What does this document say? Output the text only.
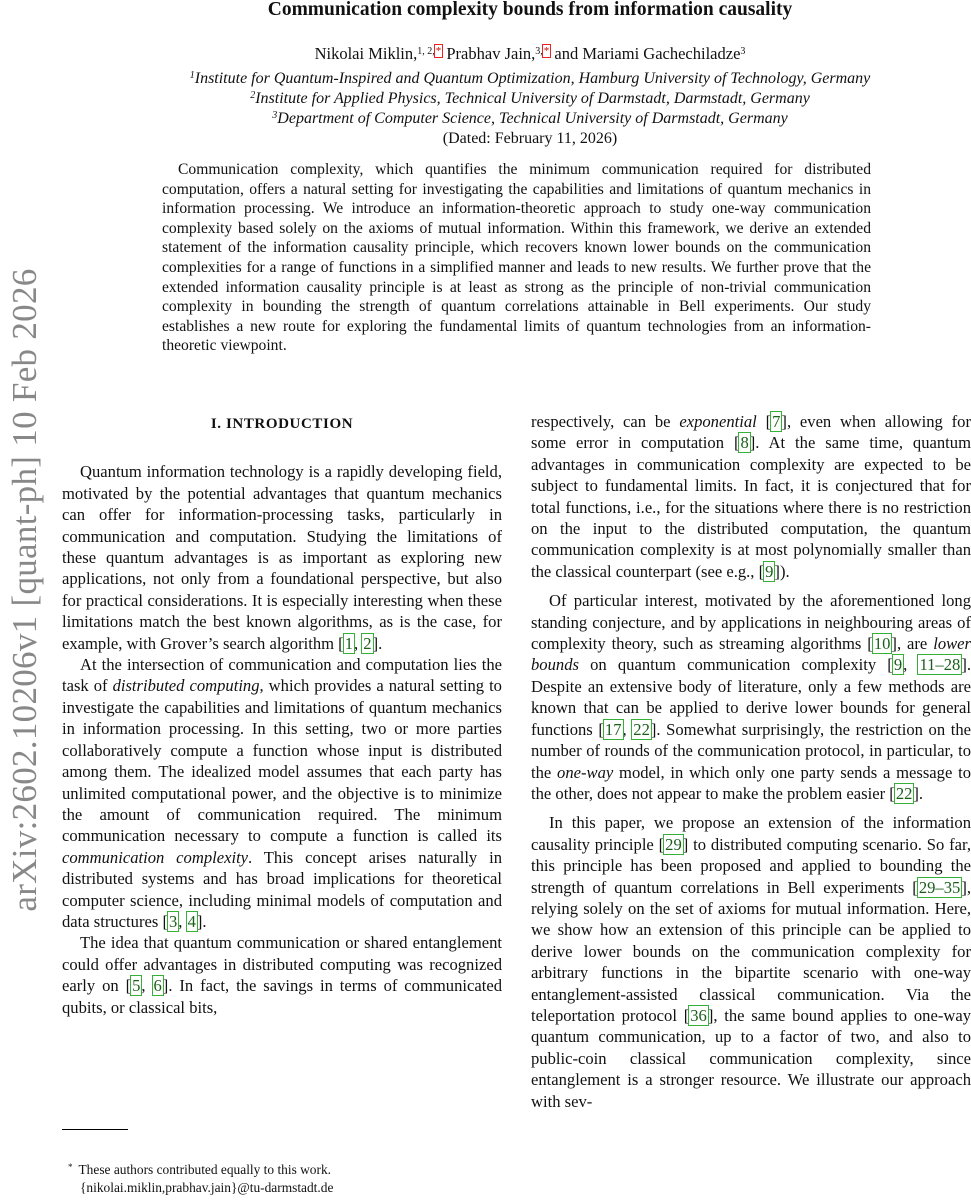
arXiv:2602.10206v1 [quant-ph] 10 Feb 2026
Communication complexity bounds from information causality
Nikolai Miklin,$^{1, 2,*}$ Prabhav Jain,$^{3,*}$ and Mariami Gachechiladze$^3$
$^1$Institute for Quantum-Inspired and Quantum Optimization, Hamburg University of Technology, Germany
$^2$Institute for Applied Physics, Technical University of Darmstadt, Darmstadt, Germany
$^3$Department of Computer Science, Technical University of Darmstadt, Germany
(Dated: February 11, 2026)

Communication complexity, which quantifies the minimum communication required for distributed computation, offers a natural setting for investigating the capabilities and limitations of quantum mechanics in information processing. We introduce an information-theoretic approach to study one-way communication complexity based solely on the axioms of mutual information. Within this framework, we derive an extended statement of the information causality principle, which recovers known lower bounds on the communication complexities for a range of functions in a simplified manner and leads to new results. We further prove that the extended information causality principle is at least as strong as the principle of non-trivial communication complexity in bounding the strength of quantum correlations attainable in Bell experiments. Our study establishes a new route for exploring the fundamental limits of quantum technologies from an information-theoretic viewpoint.

I. INTRODUCTION

Quantum information technology is a rapidly developing field, motivated by the potential advantages that quantum mechanics can offer for information-processing tasks, particularly in communication and computation. Studying the limitations of these quantum advantages is as important as exploring new applications, not only from a foundational perspective, but also for practical considerations. It is especially interesting when these limitations match the best known algorithms, as is the case, for example, with Grover’s search algorithm [1, 2].

At the intersection of communication and computation lies the task of distributed computing, which provides a natural setting to investigate the capabilities and limitations of quantum mechanics in information processing. In this setting, two or more parties collaboratively compute a function whose input is distributed among them. The idealized model assumes that each party has unlimited computational power, and the objective is to minimize the amount of communication required. The minimum communication necessary to compute a function is called its communication complexity. This concept arises naturally in distributed systems and has broad implications for theoretical computer science, including minimal models of computation and data structures [3, 4].

The idea that quantum communication or shared entanglement could offer advantages in distributed computing was recognized early on [5, 6]. In fact, the savings in terms of communicated qubits, or classical bits,

respectively, can be exponential [7], even when allowing for some error in computation [8]. At the same time, quantum advantages in communication complexity are expected to be subject to fundamental limits. In fact, it is conjectured that for total functions, i.e., for the situations where there is no restriction on the input to the distributed computation, the quantum communication complexity is at most polynomially smaller than the classical counterpart (see e.g., [9]).

Of particular interest, motivated by the aforementioned long standing conjecture, and by applications in neighbouring areas of complexity theory, such as streaming algorithms [10], are lower bounds on quantum communication complexity [9, 11–28]. Despite an extensive body of literature, only a few methods are known that can be applied to derive lower bounds for general functions [17, 22]. Somewhat surprisingly, the restriction on the number of rounds of the communication protocol, in particular, to the one-way model, in which only one party sends a message to the other, does not appear to make the problem easier [22].

In this paper, we propose an extension of the information causality principle [29] to distributed computing scenario. So far, this principle has been proposed and applied to bounding the strength of quantum correlations in Bell experiments [29–35], relying solely on the set of axioms for mutual information. Here, we show how an extension of this principle can be applied to derive lower bounds on the communication complexity for arbitrary functions in the bipartite scenario with one-way entanglement-assisted classical communication. Via the teleportation protocol [36], the same bound applies to one-way quantum communication, up to a factor of two, and also to public-coin classical communication complexity, since entanglement is a stronger resource. We illustrate our approach with sev-

* These authors contributed equally to this work.
{nikolai.miklin,prabhav.jain}@tu-darmstadt.de
